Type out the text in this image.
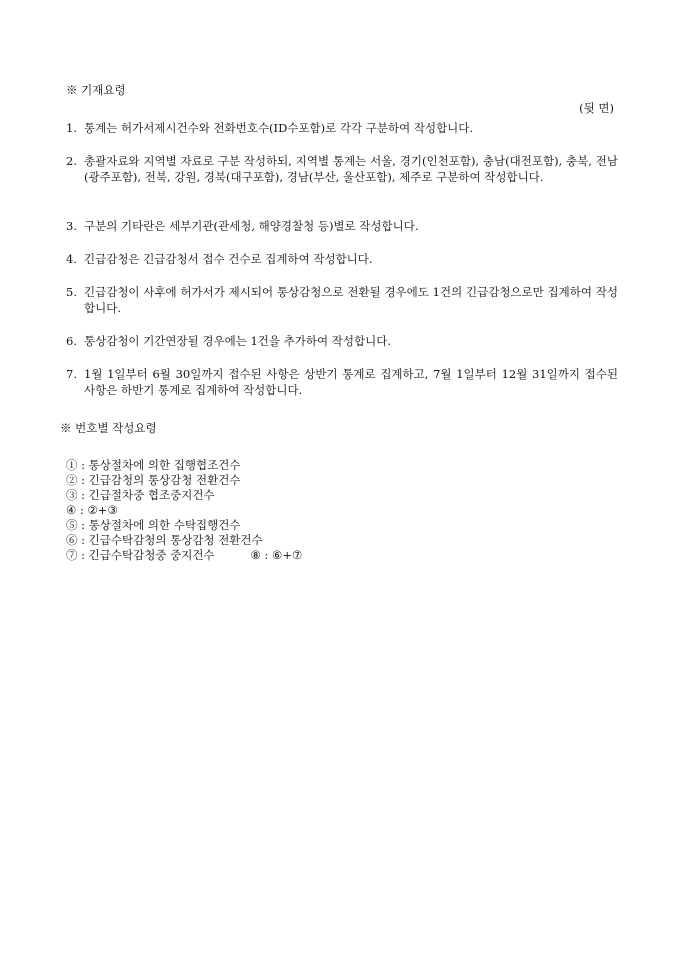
※ 기재요령
(뒷 면)
1. 통계는 허가서제시건수와 전화번호수(ID수포함)로 각각 구분하여 작성합니다.
2. 총괄자료와 지역별 자료로 구분 작성하되, 지역별 통계는 서울, 경기(인천포함), 충남(대전포함), 충북, 전남(광주포함), 전북, 강원, 경북(대구포함), 경남(부산, 울산포함), 제주로 구분하여 작성합니다.
3. 구분의 기타란은 세부기관(관세청, 해양경찰청 등)별로 작성합니다.
4. 긴급감청은 긴급감청서 접수 건수로 집계하여 작성합니다.
5. 긴급감청이 사후에 허가서가 제시되어 통상감청으로 전환될 경우에도 1건의 긴급감청으로만 집계하여 작성합니다.
6. 통상감청이 기간연장될 경우에는 1건을 추가하여 작성합니다.
7. 1월 1일부터 6월 30일까지 접수된 사항은 상반기 통계로 집계하고, 7월 1일부터 12월 31일까지 접수된 사항은 하반기 통계로 집계하여 작성합니다.
※ 번호별 작성요령
① : 통상절차에 의한 집행협조건수
② : 긴급감청의 통상감청 전환건수
③ : 긴급절차중 협조중지건수
④ : ②+③
⑤ : 통상절차에 의한 수탁집행건수
⑥ : 긴급수탁감청의 통상감청 전환건수
⑦ : 긴급수탁감청중 중지건수	⑧ : ⑥+⑦
